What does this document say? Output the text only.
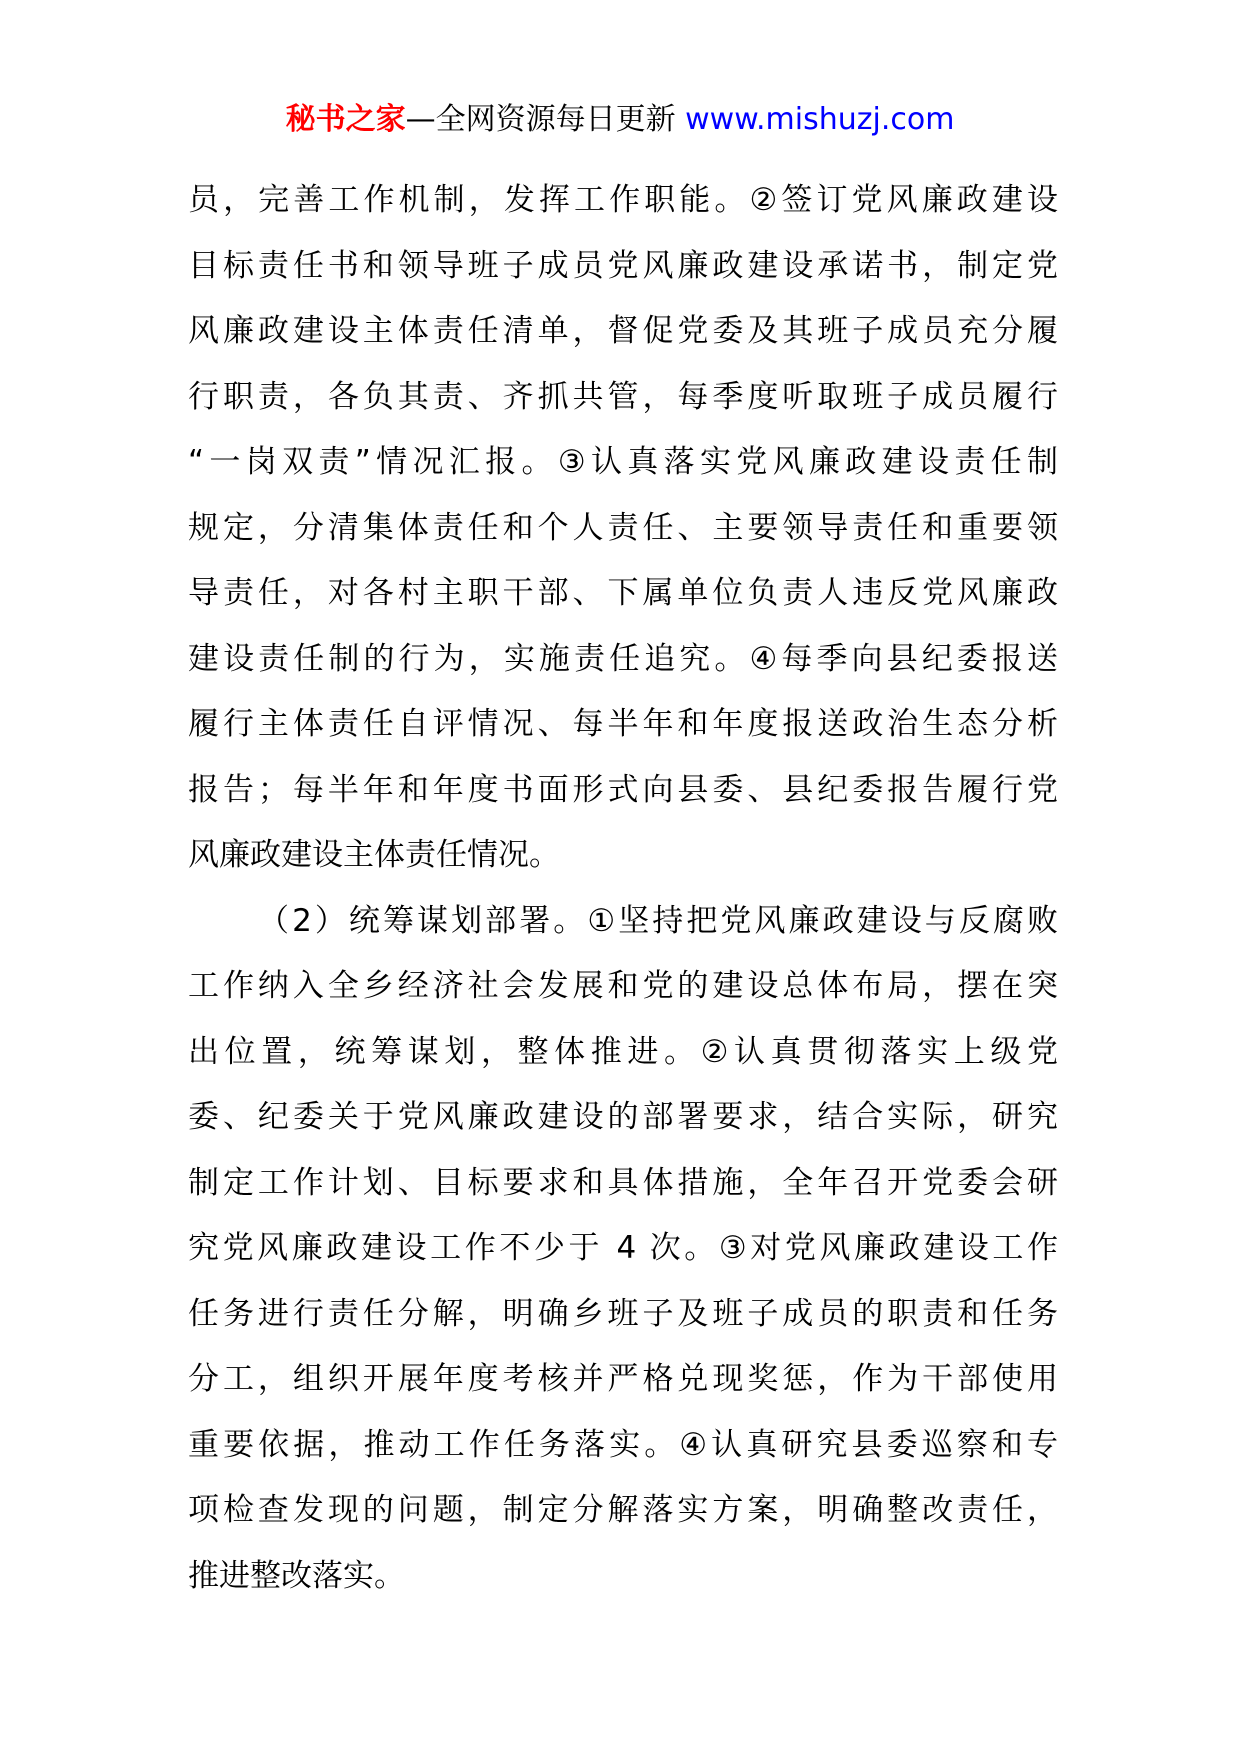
秘书之家—全网资源每日更新 www.mishuzj.com
员，完善工作机制，发挥工作职能。②签订党风廉政建设
目标责任书和领导班子成员党风廉政建设承诺书，制定党
风廉政建设主体责任清单，督促党委及其班子成员充分履
行职责，各负其责、齐抓共管，每季度听取班子成员履行
“一岗双责”情况汇报。③认真落实党风廉政建设责任制
规定，分清集体责任和个人责任、主要领导责任和重要领
导责任，对各村主职干部、下属单位负责人违反党风廉政
建设责任制的行为，实施责任追究。④每季向县纪委报送
履行主体责任自评情况、每半年和年度报送政治生态分析
报告；每半年和年度书面形式向县委、县纪委报告履行党
风廉政建设主体责任情况。
（2）统筹谋划部署。①坚持把党风廉政建设与反腐败
工作纳入全乡经济社会发展和党的建设总体布局，摆在突
出位置，统筹谋划，整体推进。②认真贯彻落实上级党
委、纪委关于党风廉政建设的部署要求，结合实际，研究
制定工作计划、目标要求和具体措施，全年召开党委会研
究党风廉政建设工作不少于 4 次。③对党风廉政建设工作
任务进行责任分解，明确乡班子及班子成员的职责和任务
分工，组织开展年度考核并严格兑现奖惩，作为干部使用
重要依据，推动工作任务落实。④认真研究县委巡察和专
项检查发现的问题，制定分解落实方案，明确整改责任，
推进整改落实。
